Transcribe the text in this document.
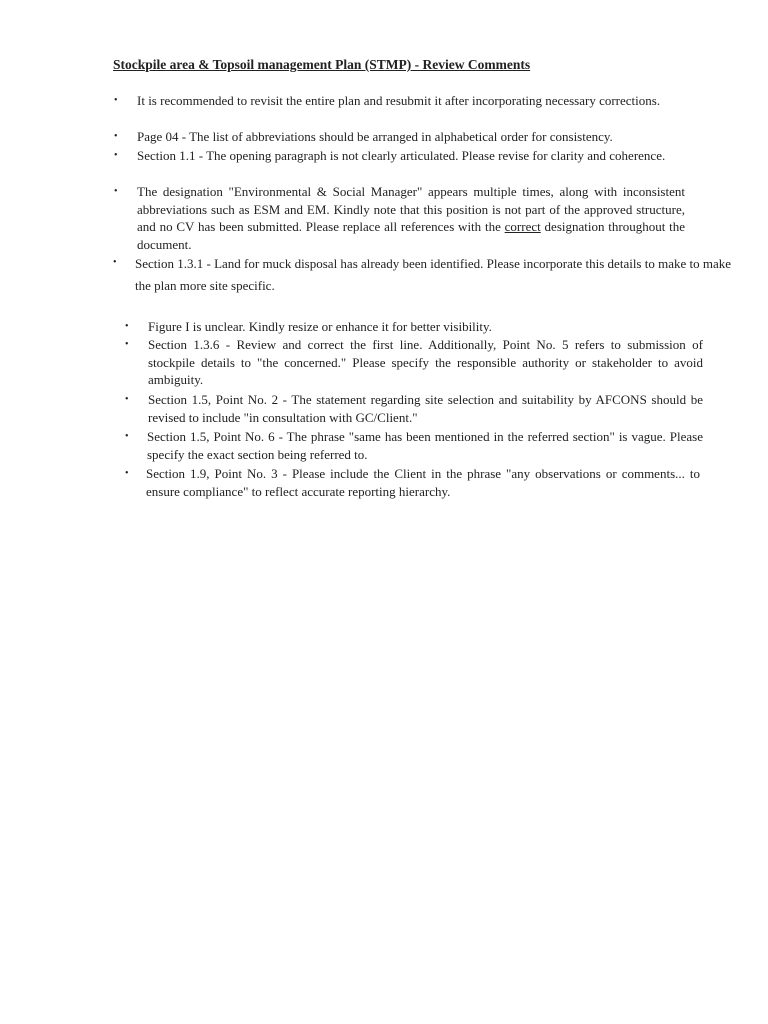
Stockpile area & Topsoil management Plan (STMP) - Review Comments
• It is recommended to revisit the entire plan and resubmit it after incorporating necessary corrections.
• Page 04 - The list of abbreviations should be arranged in alphabetical order for consistency.
• Section 1.1 - The opening paragraph is not clearly articulated. Please revise for clarity and coherence.
• The designation "Environmental & Social Manager" appears multiple times, along with inconsistent abbreviations such as ESM and EM. Kindly note that this position is not part of the approved structure, and no CV has been submitted. Please replace all references with the correct designation throughout the document.
• Section 1.3.1 - Land for muck disposal has already been identified. Please incorporate this details to make to make the plan more site specific.
• Figure I is unclear. Kindly resize or enhance it for better visibility.
• Section 1.3.6 - Review and correct the first line. Additionally, Point No. 5 refers to submission of stockpile details to "the concerned." Please specify the responsible authority or stakeholder to avoid ambiguity.
• Section 1.5, Point No. 2 - The statement regarding site selection and suitability by AFCONS should be revised to include "in consultation with GC/Client."
• Section 1.5, Point No. 6 - The phrase "same has been mentioned in the referred section" is vague. Please specify the exact section being referred to.
• Section 1.9, Point No. 3 - Please include the Client in the phrase "any observations or comments... to ensure compliance" to reflect accurate reporting hierarchy.
